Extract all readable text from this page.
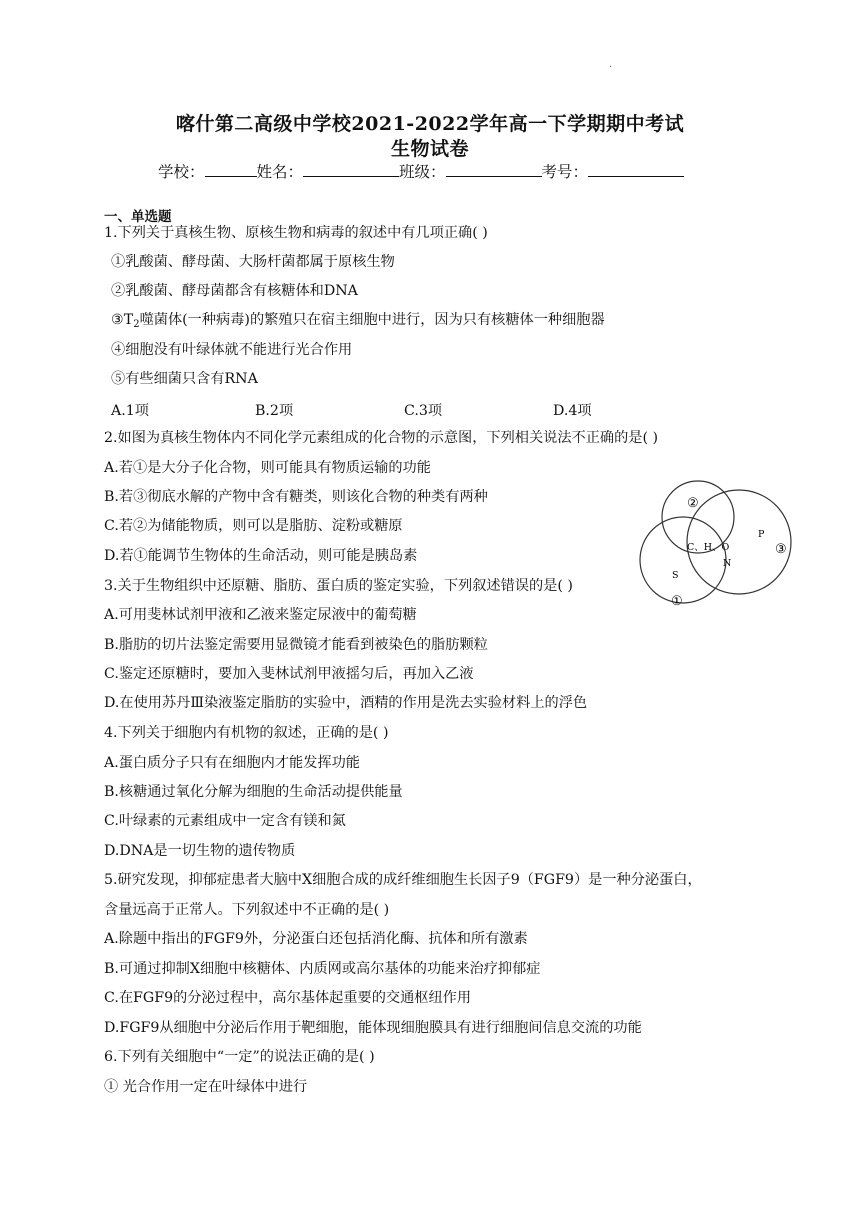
·
喀什第二高级中学校2021-2022学年高一下学期期中考试
生物试卷
学校：	姓名：	班级：	考号：
一、单选题
1.下列关于真核生物、原核生物和病毒的叙述中有几项正确( )
①乳酸菌、酵母菌、大肠杆菌都属于原核生物
②乳酸菌、酵母菌都含有核糖体和DNA
$③T_2$噬菌体(一种病毒)的繁殖只在宿主细胞中进行，因为只有核糖体一种细胞器
④细胞没有叶绿体就不能进行光合作用
⑤有些细菌只含有RNA
A.1项	B.2项	C.3项	D.4项
2.如图为真核生物体内不同化学元素组成的化合物的示意图，下列相关说法不正确的是( )
A.若①是大分子化合物，则可能具有物质运输的功能
B.若③彻底水解的产物中含有糖类，则该化合物的种类有两种
C.若②为储能物质，则可以是脂肪、淀粉或糖原
D.若①能调节生物体的生命活动，则可能是胰岛素
②
③
①
C、H、O
N
P
S
3.关于生物组织中还原糖、脂肪、蛋白质的鉴定实验，下列叙述错误的是( )
A.可用斐林试剂甲液和乙液来鉴定尿液中的葡萄糖
B.脂肪的切片法鉴定需要用显微镜才能看到被染色的脂肪颗粒
C.鉴定还原糖时，要加入斐林试剂甲液摇匀后，再加入乙液
D.在使用苏丹Ⅲ染液鉴定脂肪的实验中，酒精的作用是洗去实验材料上的浮色
4.下列关于细胞内有机物的叙述，正确的是( )
A.蛋白质分子只有在细胞内才能发挥功能
B.核糖通过氧化分解为细胞的生命活动提供能量
C.叶绿素的元素组成中一定含有镁和氮
D.DNA是一切生物的遗传物质
5.研究发现，抑郁症患者大脑中X细胞合成的成纤维细胞生长因子9（FGF9）是一种分泌蛋白，
含量远高于正常人。下列叙述中不正确的是( )
A.除题中指出的FGF9外，分泌蛋白还包括消化酶、抗体和所有激素
B.可通过抑制X细胞中核糖体、内质网或高尔基体的功能来治疗抑郁症
C.在FGF9的分泌过程中，高尔基体起重要的交通枢纽作用
D.FGF9从细胞中分泌后作用于靶细胞，能体现细胞膜具有进行细胞间信息交流的功能
6.下列有关细胞中“一定”的说法正确的是( )
① 光合作用一定在叶绿体中进行
